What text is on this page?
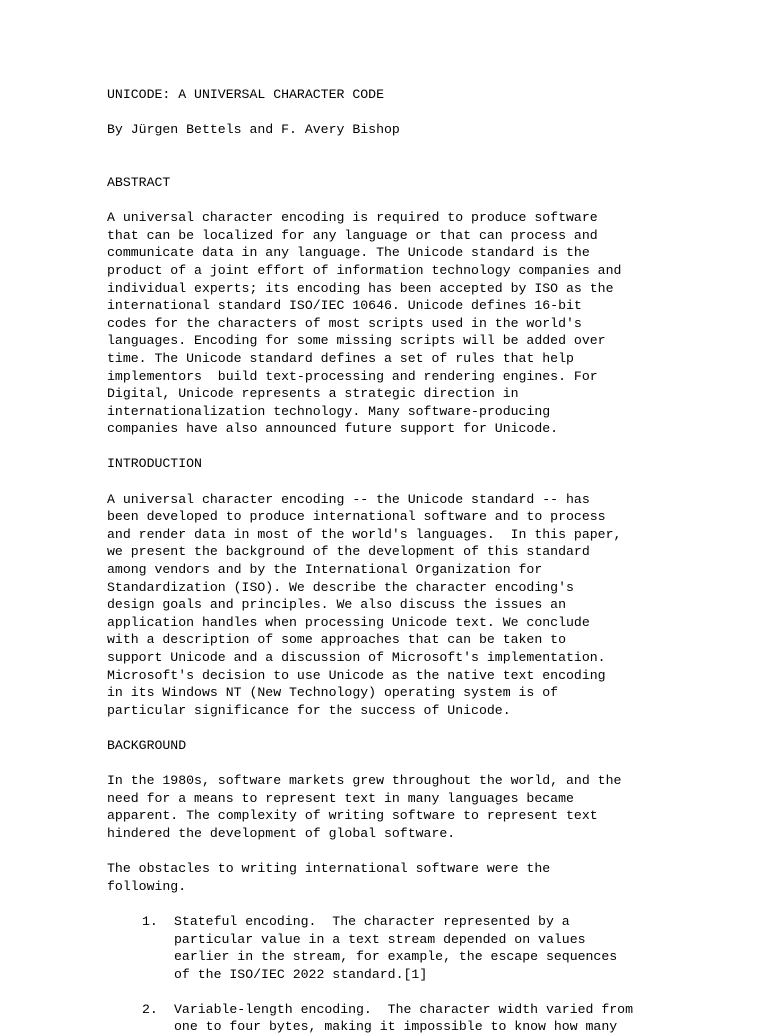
UNICODE: A UNIVERSAL CHARACTER CODE
By Jürgen Bettels and F. Avery Bishop
ABSTRACT
A universal character encoding is required to produce software
that can be localized for any language or that can process and
communicate data in any language. The Unicode standard is the
product of a joint effort of information technology companies and
individual experts; its encoding has been accepted by ISO as the
international standard ISO/IEC 10646. Unicode defines 16-bit
codes for the characters of most scripts used in the world's
languages. Encoding for some missing scripts will be added over
time. The Unicode standard defines a set of rules that help
implementors  build text-processing and rendering engines. For
Digital, Unicode represents a strategic direction in
internationalization technology. Many software-producing
companies have also announced future support for Unicode.
INTRODUCTION
A universal character encoding -- the Unicode standard -- has
been developed to produce international software and to process
and render data in most of the world's languages.  In this paper,
we present the background of the development of this standard
among vendors and by the International Organization for
Standardization (ISO). We describe the character encoding's
design goals and principles. We also discuss the issues an
application handles when processing Unicode text. We conclude
with a description of some approaches that can be taken to
support Unicode and a discussion of Microsoft's implementation.
Microsoft's decision to use Unicode as the native text encoding
in its Windows NT (New Technology) operating system is of
particular significance for the success of Unicode.
BACKGROUND
In the 1980s, software markets grew throughout the world, and the
need for a means to represent text in many languages became
apparent. The complexity of writing software to represent text
hindered the development of global software.
The obstacles to writing international software were the
following.
1.	Stateful encoding.  The character represented by a
particular value in a text stream depended on values
earlier in the stream, for example, the escape sequences
of the ISO/IEC 2022 standard.[1]
2.	Variable-length encoding.  The character width varied from
one to four bytes, making it impossible to know how many
